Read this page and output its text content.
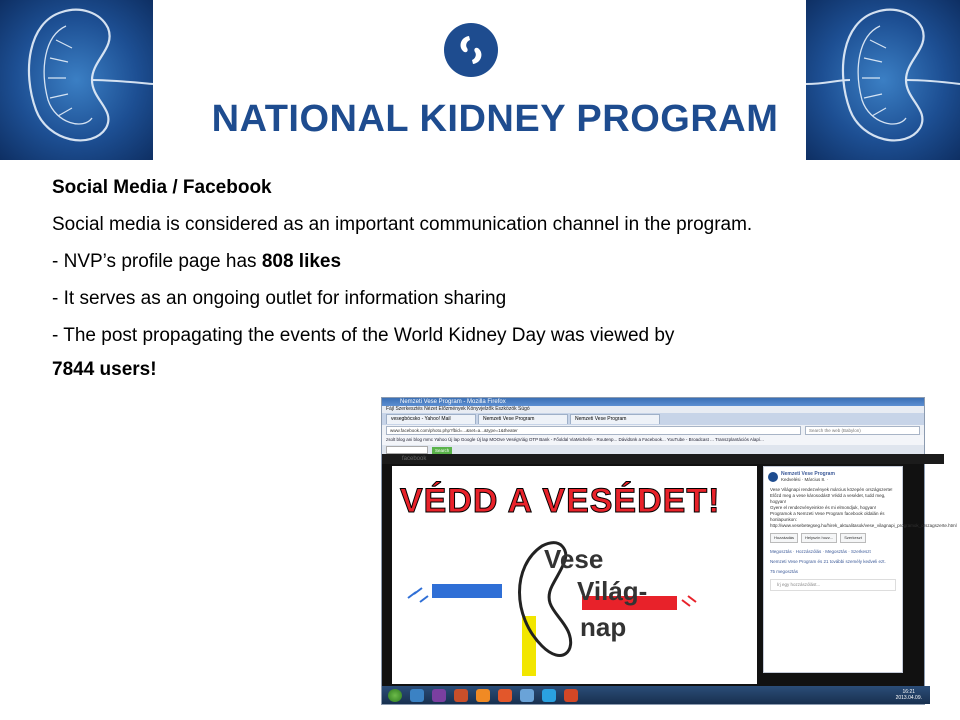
NATIONAL KIDNEY PROGRAM

Social Media / Facebook

Social media is considered as an important communication channel in the program.

- NVP’s profile page has 808 likes

- It serves as an ongoing outlet for information sharing

- The post propagating the events of the World Kidney Day was viewed by

7844 users!

Nemzeti Vese Program - Mozilla Firefox
Fájl Szerkesztés Nézet Előzmények Könyvjelzők Eszközök Súgó
vesegbócsko - Yahoo! Mail	Nemzeti Vese Program	Nemzeti Vese Program
www.facebook.com/photo.php?fbid=...&set=a...&type=1&theater	Search the web (Babylon)
zsolt blog ani blog mmc Yahoo Új lap Google Új lap MOOve VeségViág OTP Bank - Főoldal ViaMichelin - Routenp... Dávidünk a Facebook... YouTube - Broadcast ... Transzplantációs Alapí...
Search
facebook
VÉDD A VESÉDET!
Vese
Világ-
nap
Nemzeti Vese Program
Kedvelési · Március 8. ·
Vese Világnapi rendezvények március közepén országszerte!
Előzd meg a vese károsodást! Védd a vesédet, tudd meg, hogyan!
Gyere el rendezvényeinkre és mi elmondjuk, hogyan! Programok a Nemzeti Vese Program facebook oldalán és honlapunkon:
http://www.vesebetegseg.hu/hirek_aktualitasok/vese_vilagnapi_programok_orszagszerte.html
Hozzáadás	Helyszín hozz...	Szerkeszt
Megosztás · Hozzászólás · Megosztás · Szerkeszt
Nemzeti Vese Program és 21 további személy kedveli ezt.
75 megosztás
Írj egy hozzászólást...
16:21
2013.04.09.
